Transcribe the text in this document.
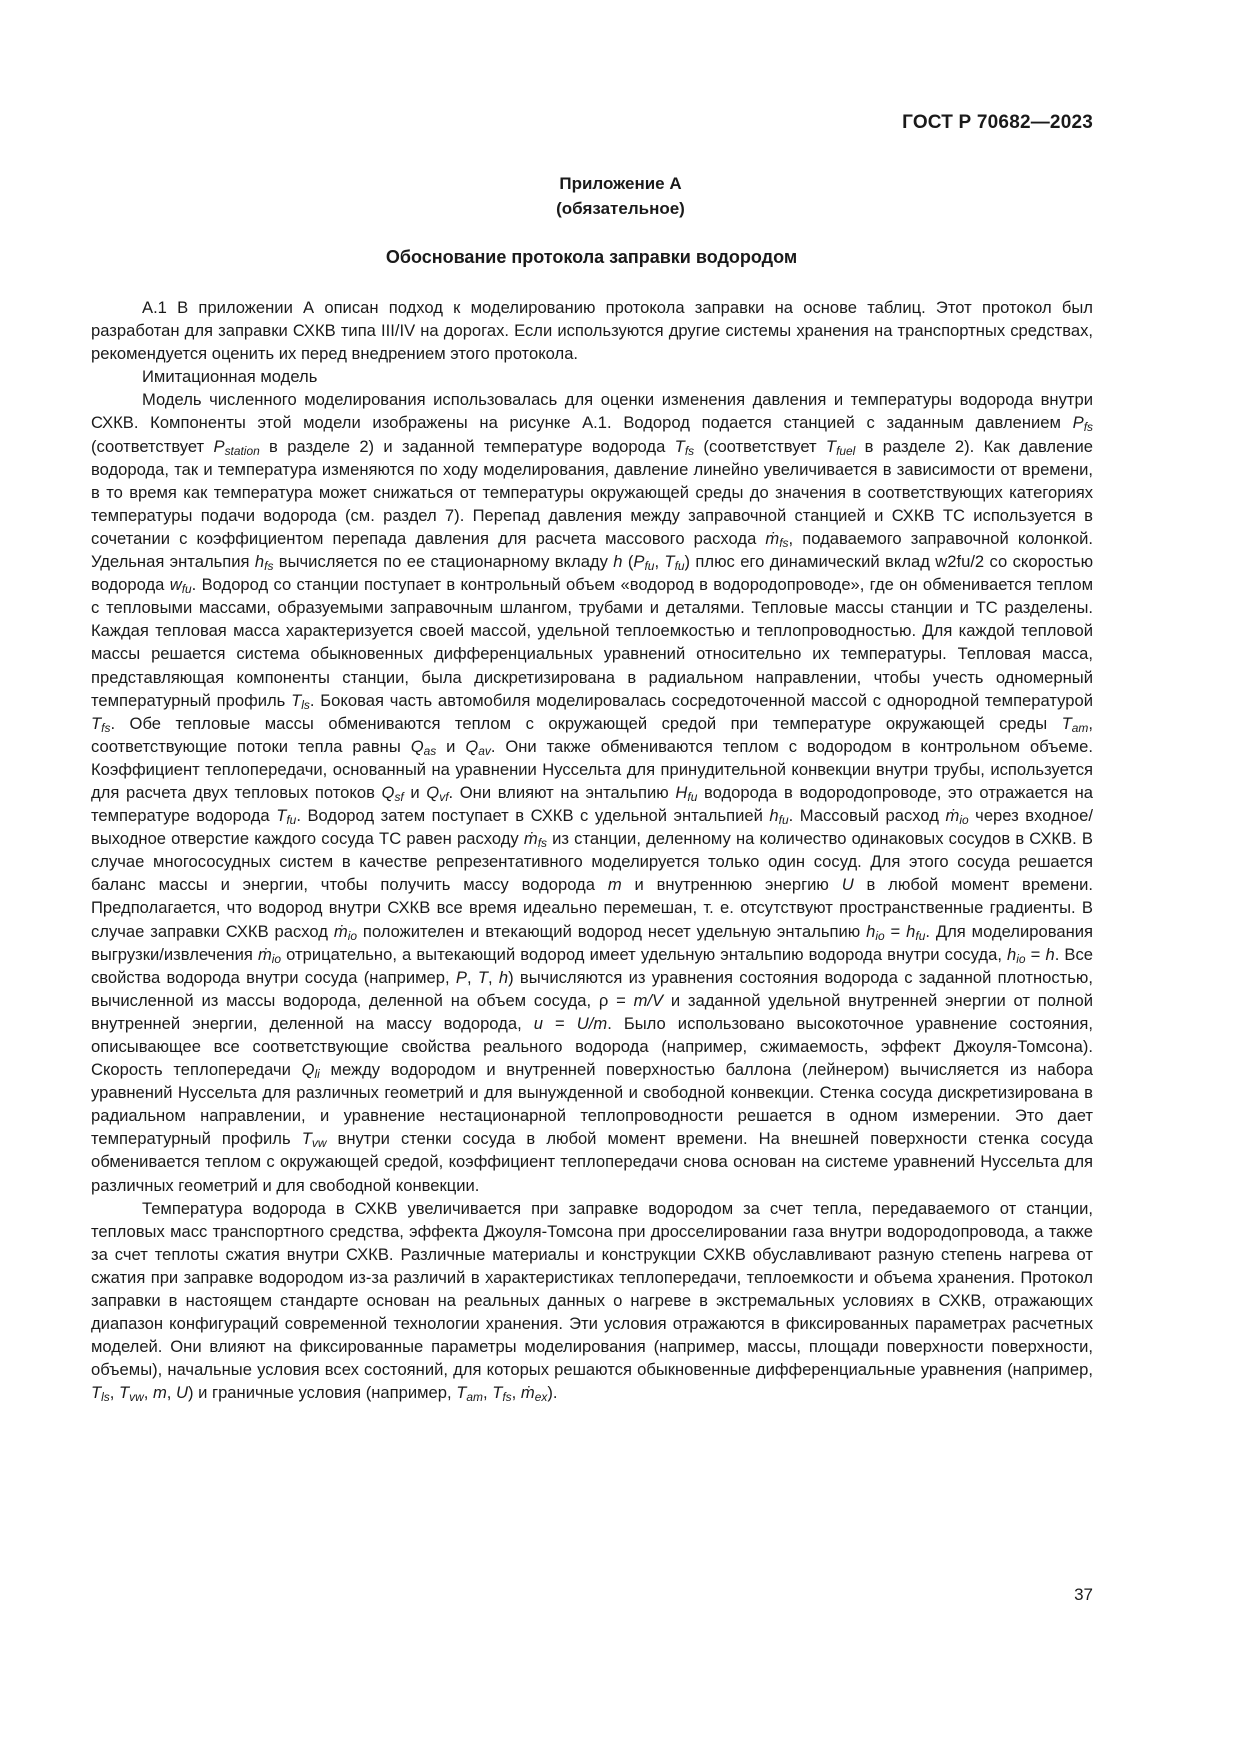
ГОСТ Р 70682—2023
Приложение А
(обязательное)
Обоснование протокола заправки водородом

А.1 В приложении А описан подход к моделированию протокола заправки на основе таблиц. Этот протокол был разработан для заправки СХКВ типа III/IV на дорогах. Если используются другие системы хранения на транспортных средствах, рекомендуется оценить их перед внедрением этого протокола.

Имитационная модель

Модель численного моделирования использовалась для оценки изменения давления и температуры водорода внутри СХКВ. Компоненты этой модели изображены на рисунке А.1. Водород подается станцией с заданным давлением $P_{fs}$ (соответствует $P_{station}$ в разделе 2) и заданной температуре водорода $T_{fs}$ (соответствует $T_{fuel}$ в разделе 2). Как давление водорода, так и температура изменяются по ходу моделирования, давление линейно увеличивается в зависимости от времени, в то время как температура может снижаться от температуры окружающей среды до значения в соответствующих категориях температуры подачи водорода (см. раздел 7). Перепад давления между заправочной станцией и СХКВ ТС используется в сочетании с коэффициентом перепада давления для расчета массового расхода ṁ$_{fs}$, подаваемого заправочной колонкой. Удельная энтальпия $h_{fs}$ вычисляется по ее стационарному вкладу h ($P_{fu}$, $T_{fu}$) плюс его динамический вклад w2fu/2 со скоростью водорода $w_{fu}$. Водород со станции поступает в контрольный объем «водород в водородопроводе», где он обменивается теплом с тепловыми массами, образуемыми заправочным шлангом, трубами и деталями. Тепловые массы станции и ТС разделены. Каждая тепловая масса характеризуется своей массой, удельной теплоемкостью и теплопроводностью. Для каждой тепловой массы решается система обыкновенных дифференциальных уравнений относительно их температуры. Тепловая масса, представляющая компоненты станции, была дискретизирована в радиальном направлении, чтобы учесть одномерный температурный профиль $T_{ls}$. Боковая часть автомобиля моделировалась сосредоточенной массой с однородной температурой $T_{fs}$. Обе тепловые массы обмениваются теплом с окружающей средой при температуре окружающей среды $T_{am}$, соответствующие потоки тепла равны $Q_{as}$ и $Q_{av}$. Они также обмениваются теплом с водородом в контрольном объеме. Коэффициент теплопередачи, основанный на уравнении Нуссельта для принудительной конвекции внутри трубы, используется для расчета двух тепловых потоков $Q_{sf}$ и $Q_{vf}$. Они влияют на энтальпию $H_{fu}$ водорода в водородопроводе, это отражается на температуре водорода $T_{fu}$. Водород затем поступает в СХКВ с удельной энтальпией $h_{fu}$. Массовый расход ṁ$_{io}$ через входное/выходное отверстие каждого сосуда ТС равен расходу ṁ$_{fs}$ из станции, деленному на количество одинаковых сосудов в СХКВ. В случае многососудных систем в качестве репрезентативного моделируется только один сосуд. Для этого сосуда решается баланс массы и энергии, чтобы получить массу водорода m и внутреннюю энергию U в любой момент времени. Предполагается, что водород внутри СХКВ все время идеально перемешан, т. е. отсутствуют пространственные градиенты. В случае заправки СХКВ расход ṁ$_{io}$ положителен и втекающий водород несет удельную энтальпию $h_{io} = h_{fu}$. Для моделирования выгрузки/извлечения ṁ$_{io}$ отрицательно, а вытекающий водород имеет удельную энтальпию водорода внутри сосуда, $h_{io} = h$. Все свойства водорода внутри сосуда (например, P, T, h) вычисляются из уравнения состояния водорода с заданной плотностью, вычисленной из массы водорода, деленной на объем сосуда, ρ = m/V и заданной удельной внутренней энергии от полной внутренней энергии, деленной на массу водорода, u = U/m. Было использовано высокоточное уравнение состояния, описывающее все соответствующие свойства реального водорода (например, сжимаемость, эффект Джоуля-Томсона). Скорость теплопередачи $Q_{li}$ между водородом и внутренней поверхностью баллона (лейнером) вычисляется из набора уравнений Нуссельта для различных геометрий и для вынужденной и свободной конвекции. Стенка сосуда дискретизирована в радиальном направлении, и уравнение нестационарной теплопроводности решается в одном измерении. Это дает температурный профиль $T_{vw}$ внутри стенки сосуда в любой момент времени. На внешней поверхности стенка сосуда обменивается теплом с окружающей средой, коэффициент теплопередачи снова основан на системе уравнений Нуссельта для различных геометрий и для свободной конвекции.

Температура водорода в СХКВ увеличивается при заправке водородом за счет тепла, передаваемого от станции, тепловых масс транспортного средства, эффекта Джоуля-Томсона при дросселировании газа внутри водородопровода, а также за счет теплоты сжатия внутри СХКВ. Различные материалы и конструкции СХКВ обуславливают разную степень нагрева от сжатия при заправке водородом из-за различий в характеристиках теплопередачи, теплоемкости и объема хранения. Протокол заправки в настоящем стандарте основан на реальных данных о нагреве в экстремальных условиях в СХКВ, отражающих диапазон конфигураций современной технологии хранения. Эти условия отражаются в фиксированных параметрах расчетных моделей. Они влияют на фиксированные параметры моделирования (например, массы, площади поверхности поверхности, объемы), начальные условия всех состояний, для которых решаются обыкновенные дифференциальные уравнения (например, $T_{ls}$, $T_{vw}$, m, U) и граничные условия (например, $T_{am}$, $T_{fs}$, ṁ$_{ex}$).

37
